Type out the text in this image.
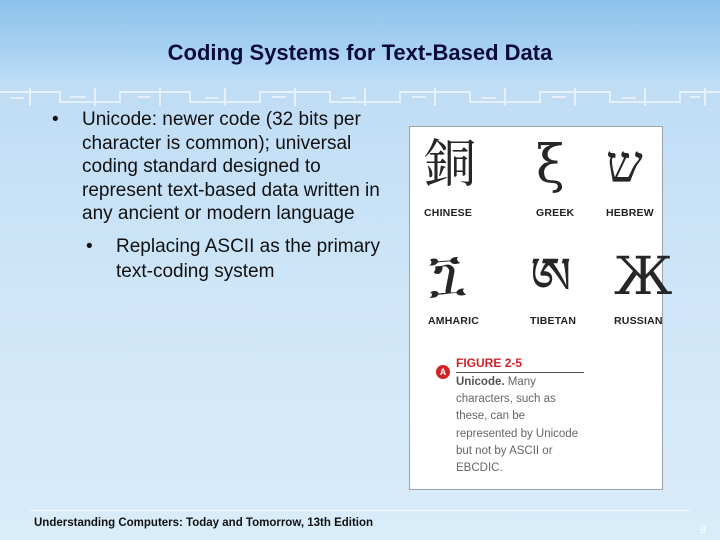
Coding Systems for Text-Based Data
• Unicode: newer code (32 bits per character is common); universal coding standard designed to represent text-based data written in any ancient or modern language
• Replacing ASCII as the primary text-coding system
銅
CHINESE
ξ
GREEK
ש
HEBREW
ጟ
AMHARIC
ཨ
TIBETAN
Ж
RUSSIAN
A
FIGURE 2-5
Unicode. Many characters, such as these, can be represented by Unicode but not by ASCII or EBCDIC.
Understanding Computers: Today and Tomorrow, 13th Edition
9
